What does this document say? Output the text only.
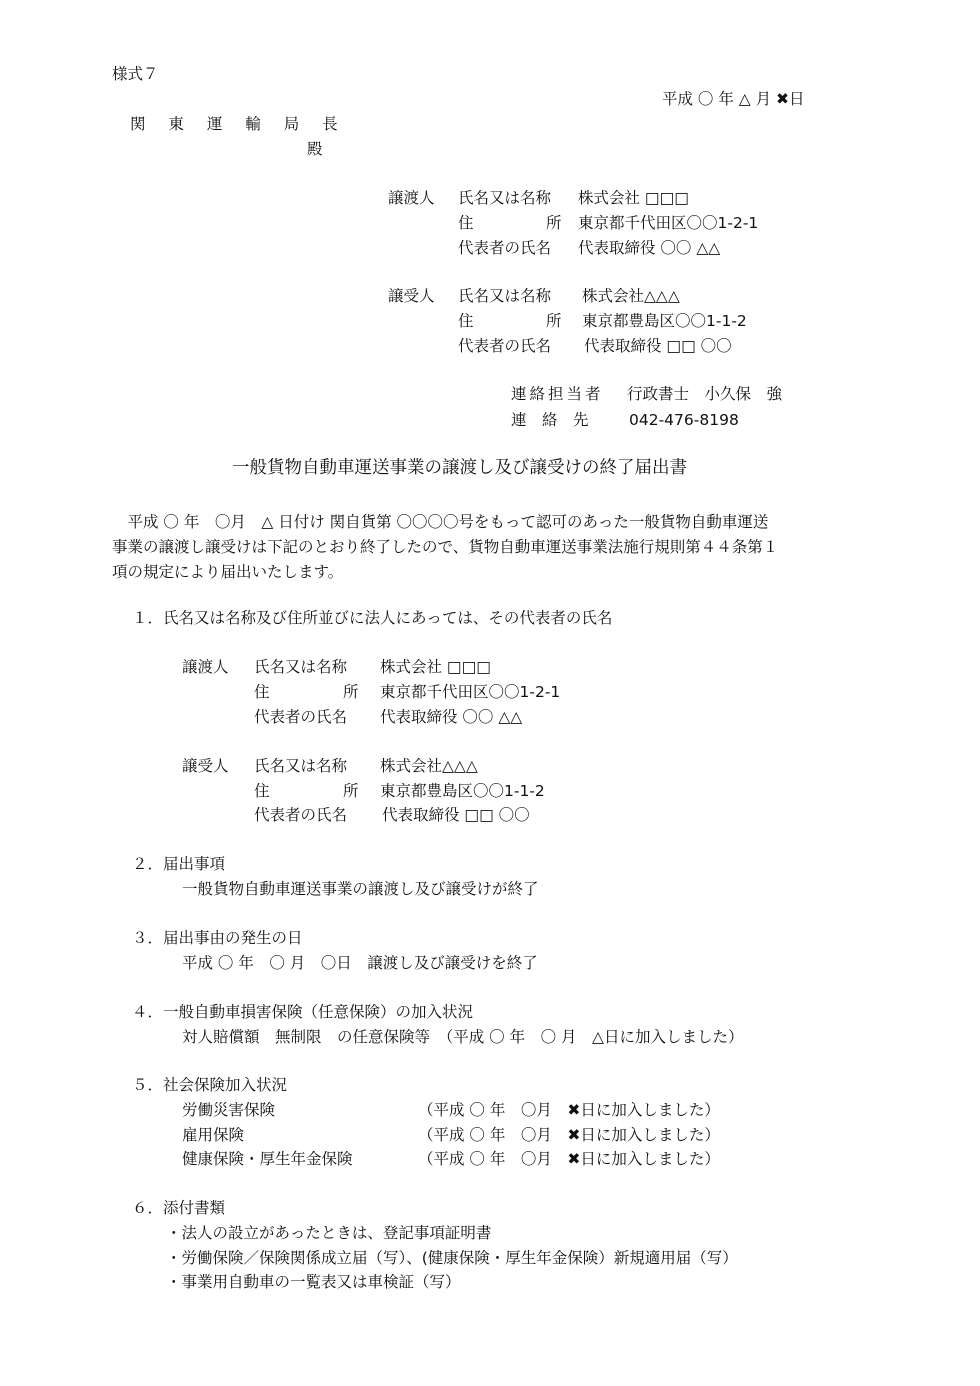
様式７
平成 〇 年 △ 月 ✖日
関 東 運 輸 局 長
殿
譲渡人 氏名又は名称 株式会社 □□□
住	所 東京都千代田区〇〇1-2-1
代表者の氏名 代表取締役 〇〇 △△
譲受人 氏名又は名称 株式会社△△△
住	所 東京都豊島区〇〇1-1-2
代表者の氏名 代表取締役 □□ 〇〇
連絡担当者 行政書士　小久保　強
連　絡　先	042-476-8198
一般貨物自動車運送事業の譲渡し及び譲受けの終了届出書
　平成 〇 年　〇月　△ 日付け 関自貨第 〇〇〇〇号をもって認可のあった一般貨物自動車運送
事業の譲渡し譲受けは下記のとおり終了したので、貨物自動車運送事業法施行規則第４４条第１
項の規定により届出いたします。
１．氏名又は名称及び住所並びに法人にあっては、その代表者の氏名
譲渡人 氏名又は名称 株式会社 □□□
住	所 東京都千代田区〇〇1-2-1
代表者の氏名 代表取締役 〇〇 △△
譲受人 氏名又は名称 株式会社△△△
住	所 東京都豊島区〇〇1-1-2
代表者の氏名 代表取締役 □□ 〇〇
２．届出事項
一般貨物自動車運送事業の譲渡し及び譲受けが終了
３．届出事由の発生の日
平成 〇 年　〇 月　〇日　譲渡し及び譲受けを終了
４．一般自動車損害保険（任意保険）の加入状況
対人賠償額　無制限　の任意保険等　（平成 〇 年　〇 月　△日に加入しました）
５．社会保険加入状況
労働災害保険	（平成 〇 年　〇月　✖日に加入しました）
雇用保険	（平成 〇 年　〇月　✖日に加入しました）
健康保険・厚生年金保険	（平成 〇 年　〇月　✖日に加入しました）
６．添付書類
・法人の設立があったときは、登記事項証明書
・労働保険／保険関係成立届（写）、(健康保険・厚生年金保険）新規適用届（写）
・事業用自動車の一覧表又は車検証（写）
